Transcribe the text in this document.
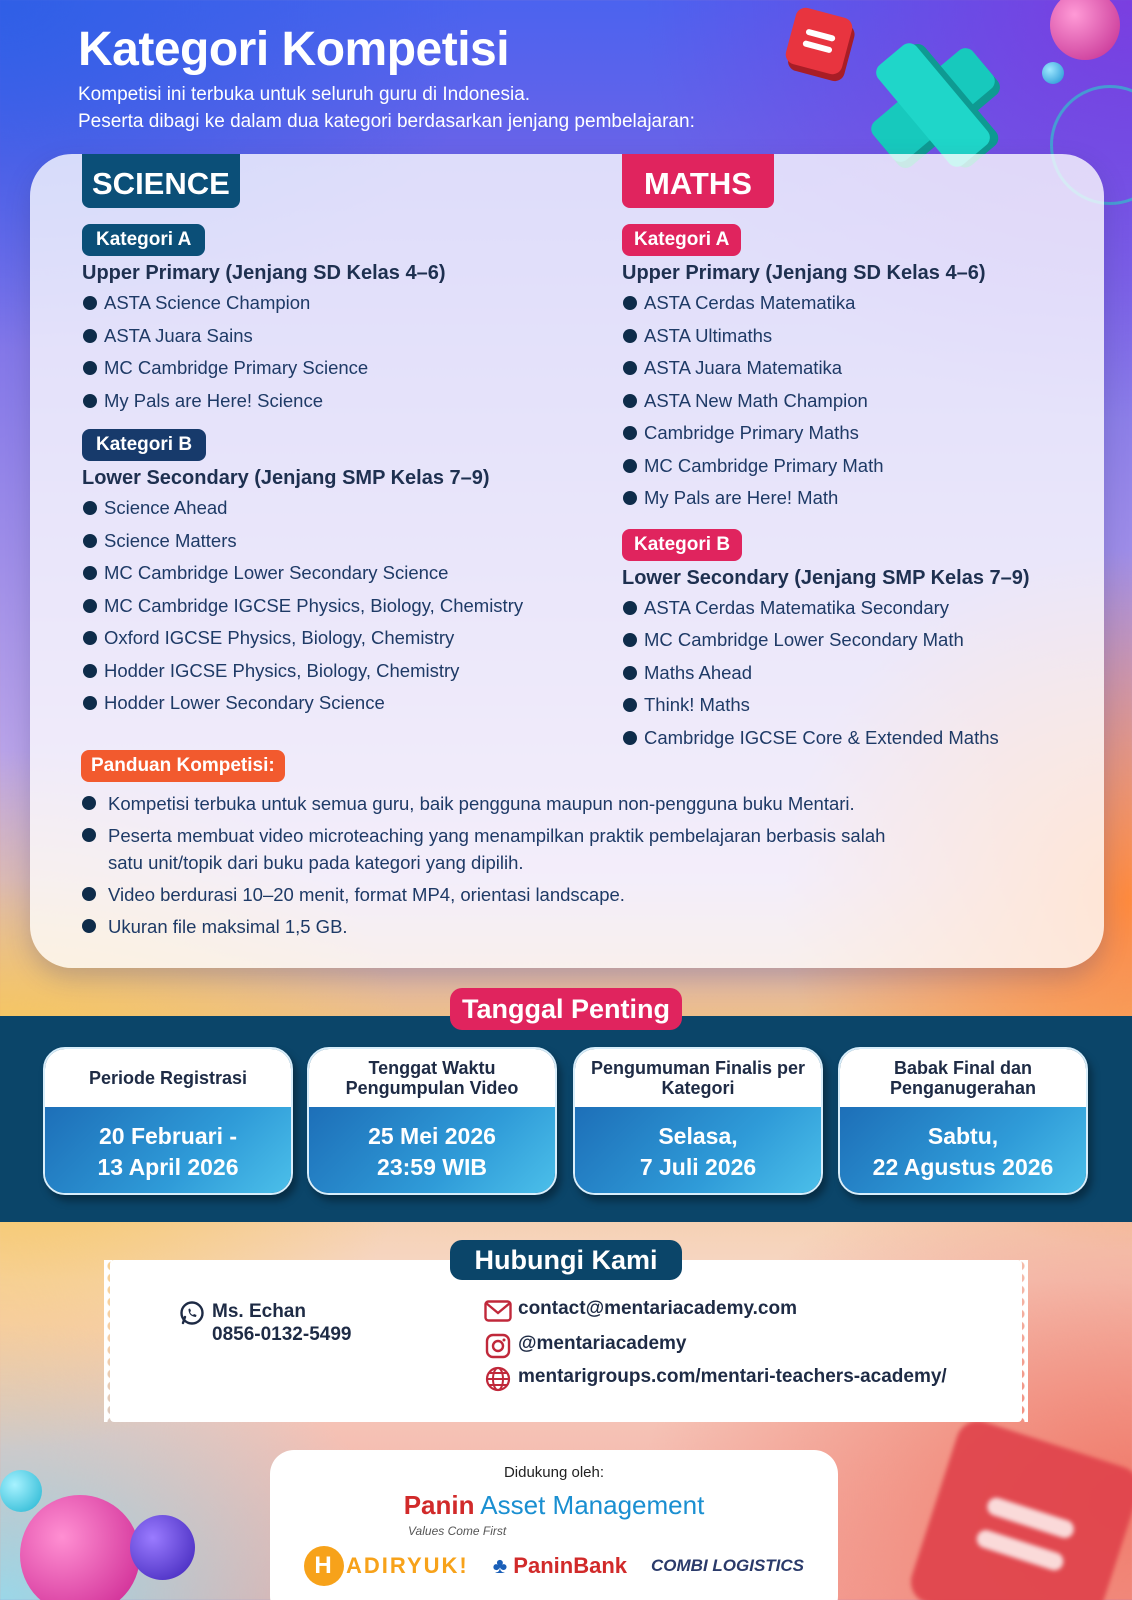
Kategori Kompetisi
Kompetisi ini terbuka untuk seluruh guru di Indonesia.
Peserta dibagi ke dalam dua kategori berdasarkan jenjang pembelajaran:
SCIENCE
Kategori A
Upper Primary (Jenjang SD Kelas 4–6)
ASTA Science Champion
ASTA Juara Sains
MC Cambridge Primary Science
My Pals are Here! Science
Kategori B
Lower Secondary (Jenjang SMP Kelas 7–9)
Science Ahead
Science Matters
MC Cambridge Lower Secondary Science
MC Cambridge IGCSE Physics, Biology, Chemistry
Oxford IGCSE Physics, Biology, Chemistry
Hodder IGCSE Physics, Biology, Chemistry
Hodder Lower Secondary Science
MATHS
Kategori A
Upper Primary (Jenjang SD Kelas 4–6)
ASTA Cerdas Matematika
ASTA Ultimaths
ASTA Juara Matematika
ASTA New Math Champion
Cambridge Primary Maths
MC Cambridge Primary Math
My Pals are Here! Math
Kategori B
Lower Secondary (Jenjang SMP Kelas 7–9)
ASTA Cerdas Matematika Secondary
MC Cambridge Lower Secondary Math
Maths Ahead
Think! Maths
Cambridge IGCSE Core & Extended Maths
Panduan Kompetisi:
Kompetisi terbuka untuk semua guru, baik pengguna maupun non-pengguna buku Mentari.
Peserta membuat video microteaching yang menampilkan praktik pembelajaran berbasis salah satu unit/topik dari buku pada kategori yang dipilih.
Video berdurasi 10–20 menit, format MP4, orientasi landscape.
Ukuran file maksimal 1,5 GB.
Tanggal Penting
Periode Registrasi
20 Februari -
13 April 2026
Tenggat Waktu Pengumpulan Video
25 Mei 2026
23:59 WIB
Pengumuman Finalis per Kategori
Selasa,
7 Juli 2026
Babak Final dan Penganugerahan
Sabtu,
22 Agustus 2026
Ms. Echan
0856-0132-5499
contact@mentariacademy.com
@mentariacademy
mentarigroups.com/mentari-teachers-academy/
Hubungi Kami
Didukung oleh:
Panin Asset Management
Values Come First
H ADIRYUK! ♣ PaninBank COMBI LOGISTICS
